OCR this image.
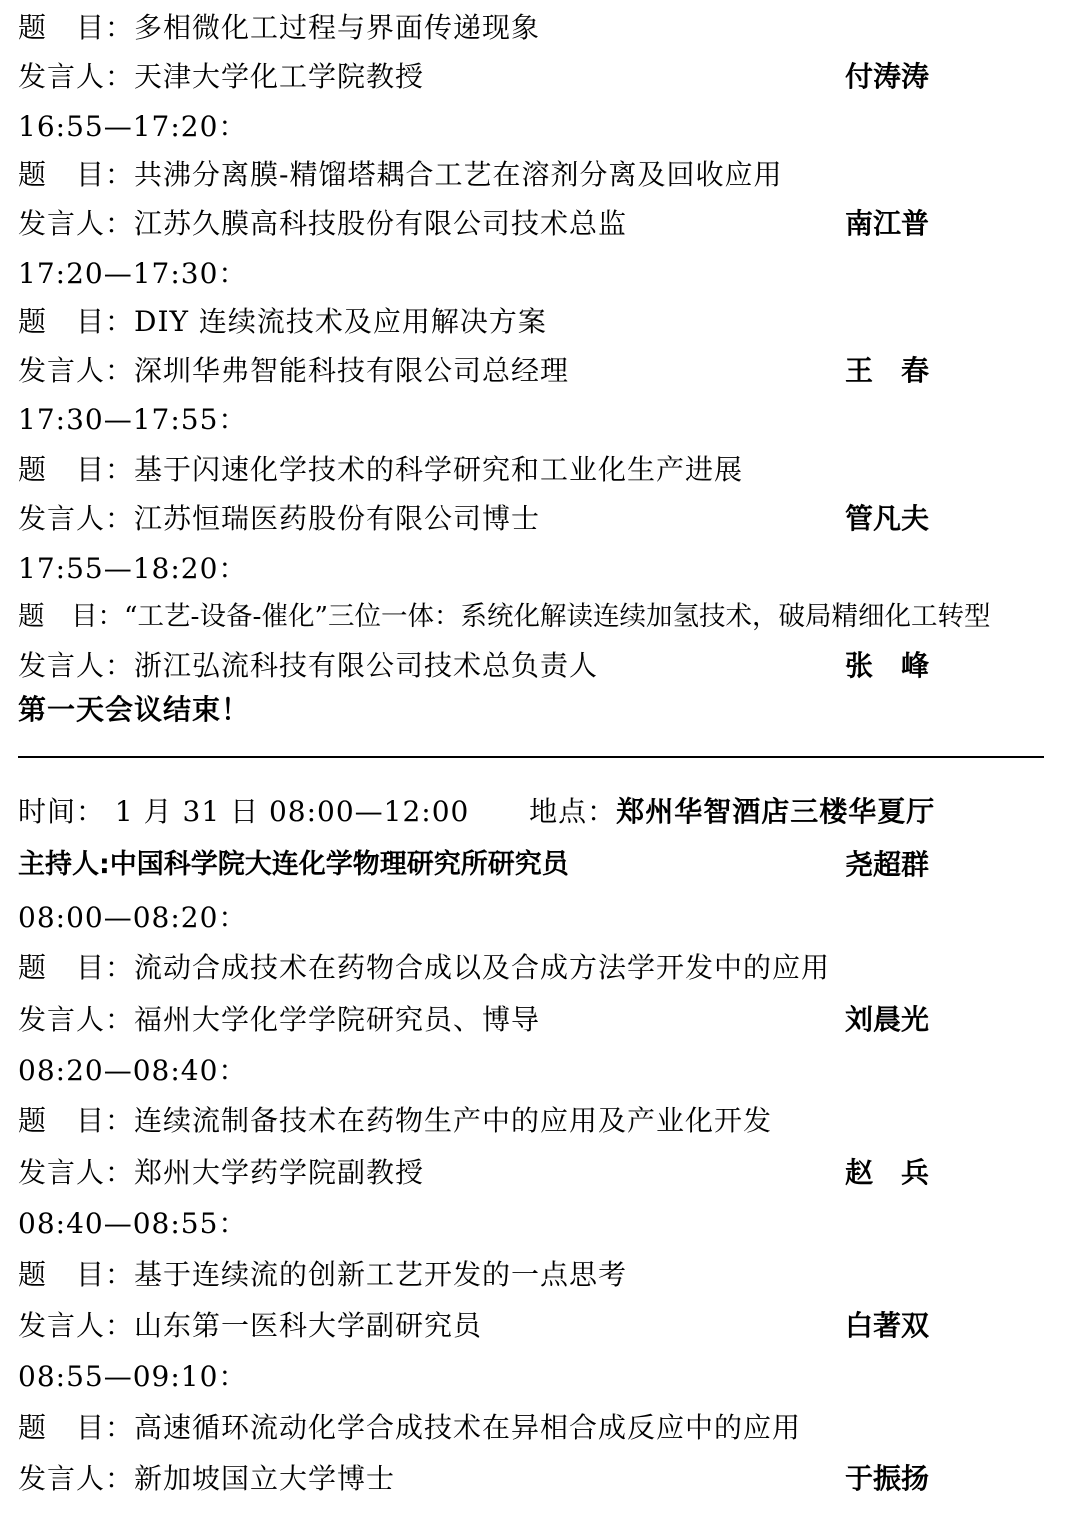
题　目：多相微化工过程与界面传递现象
发言人：天津大学化工学院教授	付涛涛
16:55—17:20：
题　目：共沸分离膜-精馏塔耦合工艺在溶剂分离及回收应用
发言人：江苏久膜高科技股份有限公司技术总监	南江普
17:20—17:30：
题　目：DIY 连续流技术及应用解决方案
发言人：深圳华弗智能科技有限公司总经理	王　春
17:30—17:55：
题　目：基于闪速化学技术的科学研究和工业化生产进展
发言人：江苏恒瑞医药股份有限公司博士	管凡夫
17:55—18:20：
题　目：“工艺-设备-催化”三位一体：系统化解读连续加氢技术，破局精细化工转型
发言人：浙江弘流科技有限公司技术总负责人	张　峰
第一天会议结束！
时间： 1 月 31 日 08:00—12:00 地点：郑州华智酒店三楼华夏厅
主持人:中国科学院大连化学物理研究所研究员	尧超群
08:00—08:20：
题　目：流动合成技术在药物合成以及合成方法学开发中的应用
发言人：福州大学化学学院研究员、博导	刘晨光
08:20—08:40：
题　目：连续流制备技术在药物生产中的应用及产业化开发
发言人：郑州大学药学院副教授	赵　兵
08:40—08:55：
题　目：基于连续流的创新工艺开发的一点思考
发言人：山东第一医科大学副研究员	白著双
08:55—09:10：
题　目：高速循环流动化学合成技术在异相合成反应中的应用
发言人：新加坡国立大学博士	于振扬
